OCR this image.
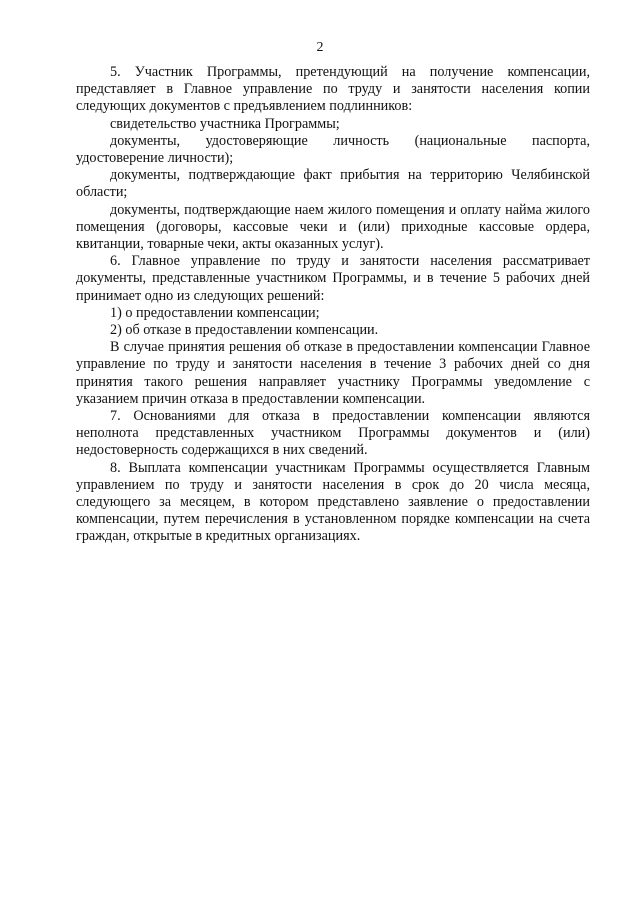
2

5. Участник Программы, претендующий на получение компенсации, представляет в Главное управление по труду и занятости населения копии следующих документов с предъявлением подлинников:

свидетельство участника Программы;

документы, удостоверяющие личность (национальные паспорта, удостоверение личности);

документы, подтверждающие факт прибытия на территорию Челябинской области;

документы, подтверждающие наем жилого помещения и оплату найма жилого помещения (договоры, кассовые чеки и (или) приходные кассовые ордера, квитанции, товарные чеки, акты оказанных услуг).

6. Главное управление по труду и занятости населения рассматривает документы, представленные участником Программы, и в течение 5 рабочих дней принимает одно из следующих решений:

1) о предоставлении компенсации;

2) об отказе в предоставлении компенсации.

В случае принятия решения об отказе в предоставлении компенсации Главное управление по труду и занятости населения в течение 3 рабочих дней со дня принятия такого решения направляет участнику Программы уведомление с указанием причин отказа в предоставлении компенсации.

7. Основаниями для отказа в предоставлении компенсации являются неполнота представленных участником Программы документов и (или) недостоверность содержащихся в них сведений.

8. Выплата компенсации участникам Программы осуществляется Главным управлением по труду и занятости населения в срок до 20 числа месяца, следующего за месяцем, в котором представлено заявление о предоставлении компенсации, путем перечисления в установленном порядке компенсации на счета граждан, открытые в кредитных организациях.
